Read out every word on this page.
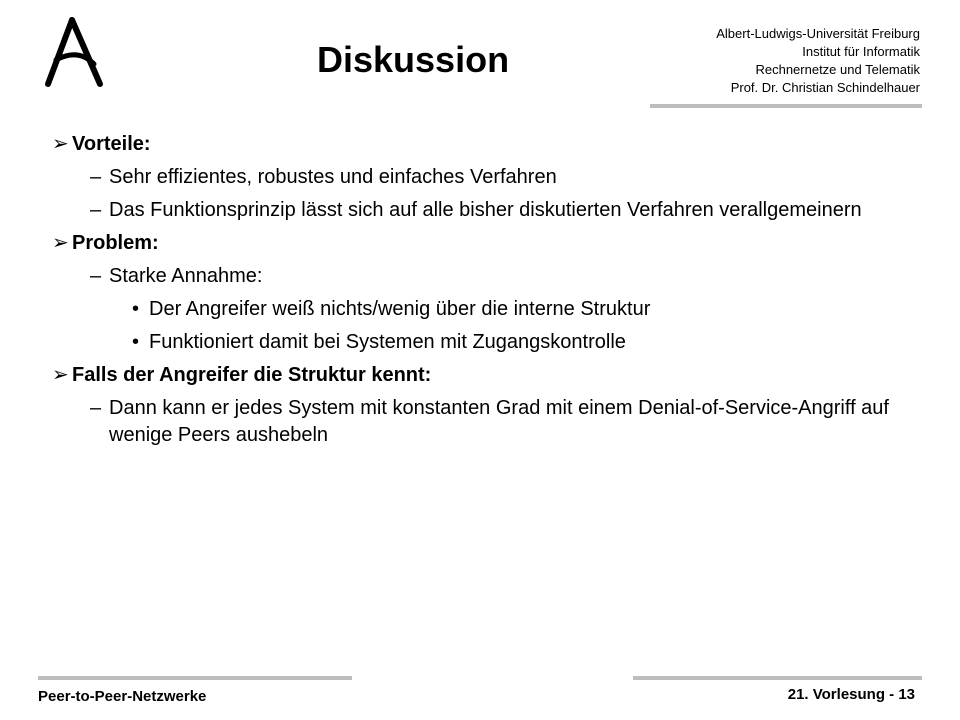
Diskussion
Albert-Ludwigs-Universität Freiburg
Institut für Informatik
Rechnernetze und Telematik
Prof. Dr. Christian Schindelhauer
➢ Vorteile:
– Sehr effizientes, robustes und einfaches Verfahren
– Das Funktionsprinzip lässt sich auf alle bisher diskutierten Verfahren verallgemeinern
➢ Problem:
– Starke Annahme:
• Der Angreifer weiß nichts/wenig über die interne Struktur
• Funktioniert damit bei Systemen mit Zugangskontrolle
➢ Falls der Angreifer die Struktur kennt:
– Dann kann er jedes System mit konstanten Grad mit einem Denial-of-Service-Angriff auf wenige Peers aushebeln
Peer-to-Peer-Netzwerke	21. Vorlesung - 13
